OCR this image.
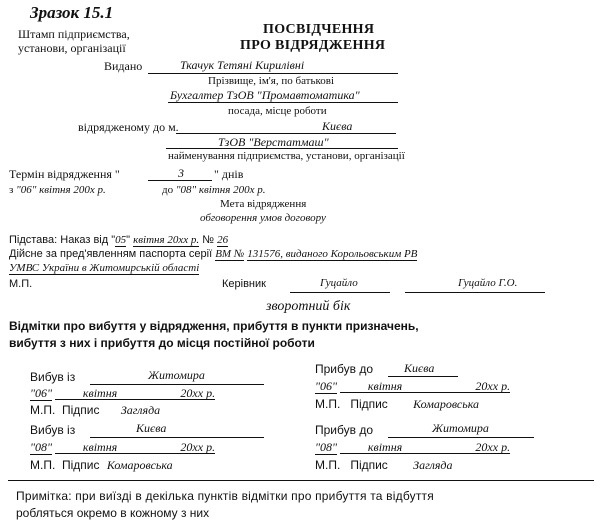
Зразок 15.1
Штамп підприємства,
установи, організації
ПОСВІДЧЕННЯ
ПРО ВІДРЯДЖЕННЯ
Видано	Ткачук Тетяні Кирилівні
Прізвище, ім'я, по батькові
Бухгалтер ТзОВ "Промавтоматика"
посада, місце роботи
відрядженому до м.	Києва
ТзОВ "Верстатмаш"
найменування підприємства, установи, організації
Термін відрядження "	3	" днів
з "06" квітня 200х р.	до "08" квітня 200х р.
Мета відрядження
обговорення умов договору
Підстава: Наказ від "05" квітня 20хх р. № 26
Дійсне за пред'явленням паспорта серії ВМ № 131576, виданого Корольовським РВ
УМВС України в Житомирській області
М.П.	Керівник	Гуцайло	Гуцайло Г.О.
зворотний бік
Відмітки про вибуття у відрядження, прибуття в пункти призначень,
вибуття з них і прибуття до місця постійної роботи
Вибув із	Житомира
"06"	квітня	20хх р.
М.П. Підпис Загляда
Прибув до	Києва
"06"	квітня	20хх р.
М.П. Підпис Комаровська
Вибув із	Києва
"08"	квітня	20хх р.
М.П. Підпис Комаровська
Прибув до	Житомира
"08"	квітня	20хх р.
М.П. Підпис Загляда
Примітка: при виїзді в декілька пунктів відмітки про прибуття та відбуття
робляться окремо в кожному з них
